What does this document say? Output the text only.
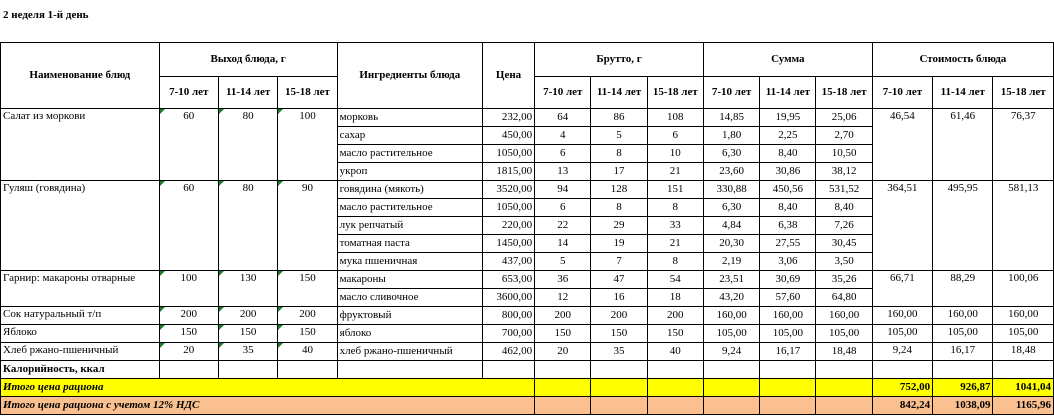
2 неделя 1-й день
Наименование блюд	Выход блюда, г			Ингредиенты блюда	Цена	Брутто, г			Сумма			Стоимость блюда		
	7-10 лет	11-14 лет	15-18 лет			7-10 лет	11-14 лет	15-18 лет	7-10 лет	11-14 лет	15-18 лет	7-10 лет	11-14 лет	15-18 лет
Салат из моркови	60	80	100	морковь	232,00	64	86	108	14,85	19,95	25,06	46,54	61,46	76,37
				сахар	450,00	4	5	6	1,80	2,25	2,70			
				масло растительное	1050,00	6	8	10	6,30	8,40	10,50			
				укроп	1815,00	13	17	21	23,60	30,86	38,12			
Гуляш (говядина)	60	80	90	говядина (мякоть)	3520,00	94	128	151	330,88	450,56	531,52	364,51	495,95	581,13
				масло растительное	1050,00	6	8	8	6,30	8,40	8,40			
				лук репчатый	220,00	22	29	33	4,84	6,38	7,26			
				томатная паста	1450,00	14	19	21	20,30	27,55	30,45			
				мука пшеничная	437,00	5	7	8	2,19	3,06	3,50			
Гарнир: макароны отварные	100	130	150	макароны	653,00	36	47	54	23,51	30,69	35,26	66,71	88,29	100,06
				масло сливочное	3600,00	12	16	18	43,20	57,60	64,80			
Сок натуральный т/п	200	200	200	фруктовый	800,00	200	200	200	160,00	160,00	160,00	160,00	160,00	160,00
Яблоко	150	150	150	яблоко	700,00	150	150	150	105,00	105,00	105,00	105,00	105,00	105,00
Хлеб ржано-пшеничный	20	35	40	хлеб ржано-пшеничный	462,00	20	35	40	9,24	16,17	18,48	9,24	16,17	18,48
Калорийность, ккал														
Итого цена рациона												752,00	926,87	1041,04
Итого цена рациона с учетом 12% НДС												842,24	1038,09	1165,96
